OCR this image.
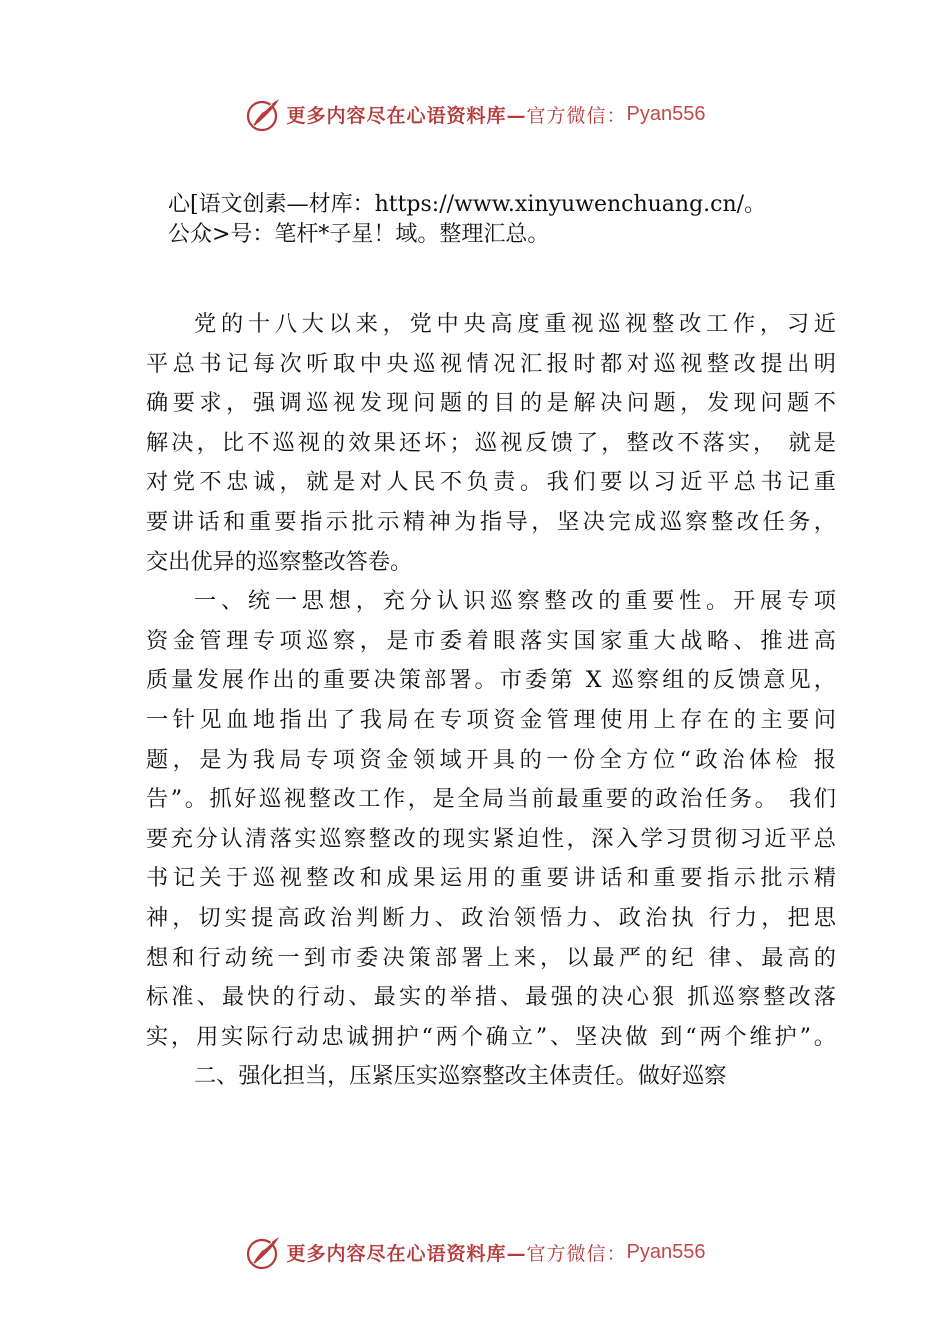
更多内容尽在心语资料库— 官方微信： Pyan556
心[语文创素—材库：https://www.xinyuwenchuang.cn/。
公众>号：笔杆*子星！域。整理汇总。
党的十八大以来，党中央高度重视巡视整改工作，习近
平总书记每次听取中央巡视情况汇报时都对巡视整改提出明
确要求，强调巡视发现问题的目的是解决问题，发现问题不
解决，比不巡视的效果还坏；巡视反馈了，整改不落实， 就是
对党不忠诚，就是对人民不负责。我们要以习近平总书记重
要讲话和重要指示批示精神为指导，坚决完成巡察整改任务，
交出优异的巡察整改答卷。
一、统一思想，充分认识巡察整改的重要性。开展专项
资金管理专项巡察，是市委着眼落实国家重大战略、推进高
质量发展作出的重要决策部署。市委第 X 巡察组的反馈意见，
一针见血地指出了我局在专项资金管理使用上存在的主要问
题，是为我局专项资金领域开具的一份全方位“政治体检 报
告”。抓好巡视整改工作，是全局当前最重要的政治任务。 我们
要充分认清落实巡察整改的现实紧迫性，深入学习贯彻习近平总
书记关于巡视整改和成果运用的重要讲话和重要指示批示精
神，切实提高政治判断力、政治领悟力、政治执 行力，把思
想和行动统一到市委决策部署上来，以最严的纪 律、最高的
标准、最快的行动、最实的举措、最强的决心狠 抓巡察整改落
实，用实际行动忠诚拥护“两个确立”、坚决做 到“两个维护”。
二、强化担当，压紧压实巡察整改主体责任。做好巡察
更多内容尽在心语资料库— 官方微信： Pyan556
